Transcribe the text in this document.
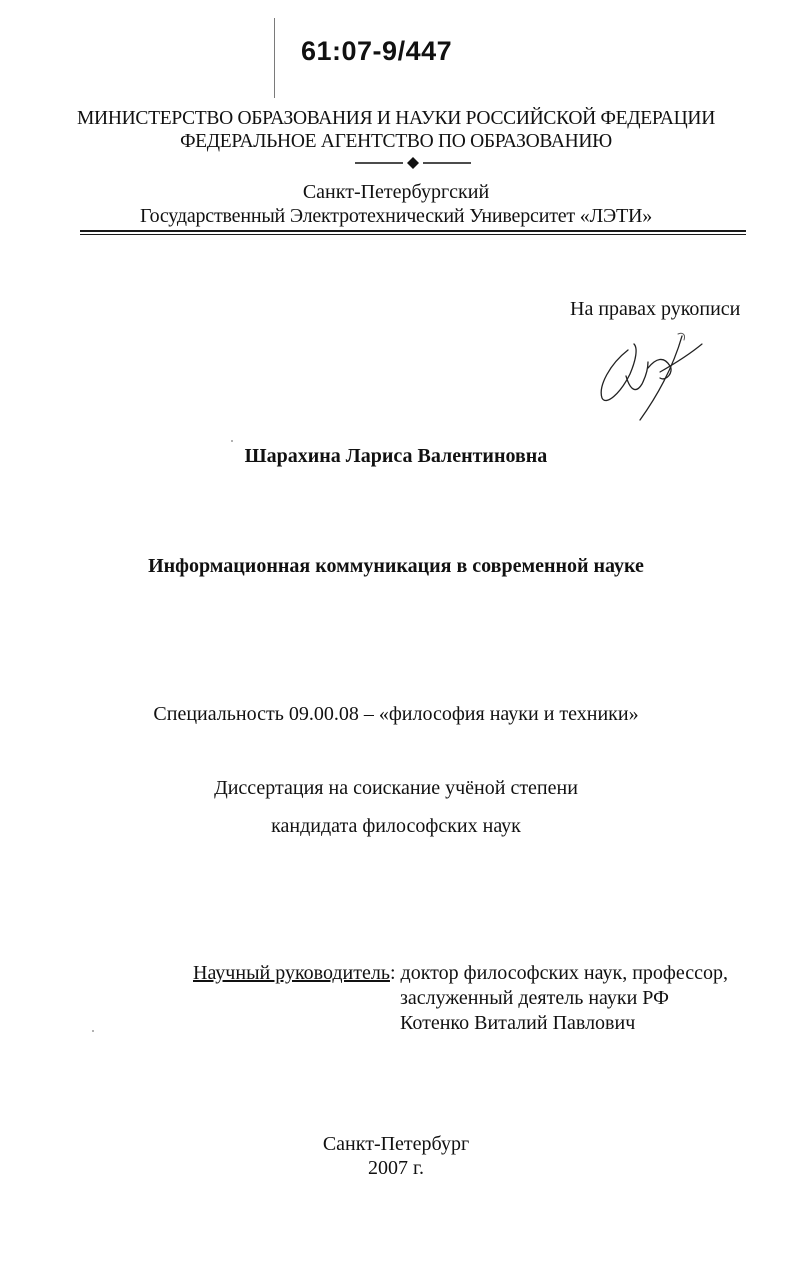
61:07-9/447
МИНИСТЕРСТВО ОБРАЗОВАНИЯ И НАУКИ РОССИЙСКОЙ ФЕДЕРАЦИИ
ФЕДЕРАЛЬНОЕ АГЕНТСТВО ПО ОБРАЗОВАНИЮ
Санкт-Петербургский
Государственный Электротехнический Университет «ЛЭТИ»
На правах рукописи
Шарахина Лариса Валентиновна
Информационная коммуникация в современной науке
Специальность 09.00.08 – «философия науки и техники»
Диссертация на соискание учёной степени
кандидата философских наук
Научный руководитель : доктор философских наук, профессор,
заслуженный деятель науки РФ
Котенко Виталий Павлович
Санкт-Петербург
2007 г.
